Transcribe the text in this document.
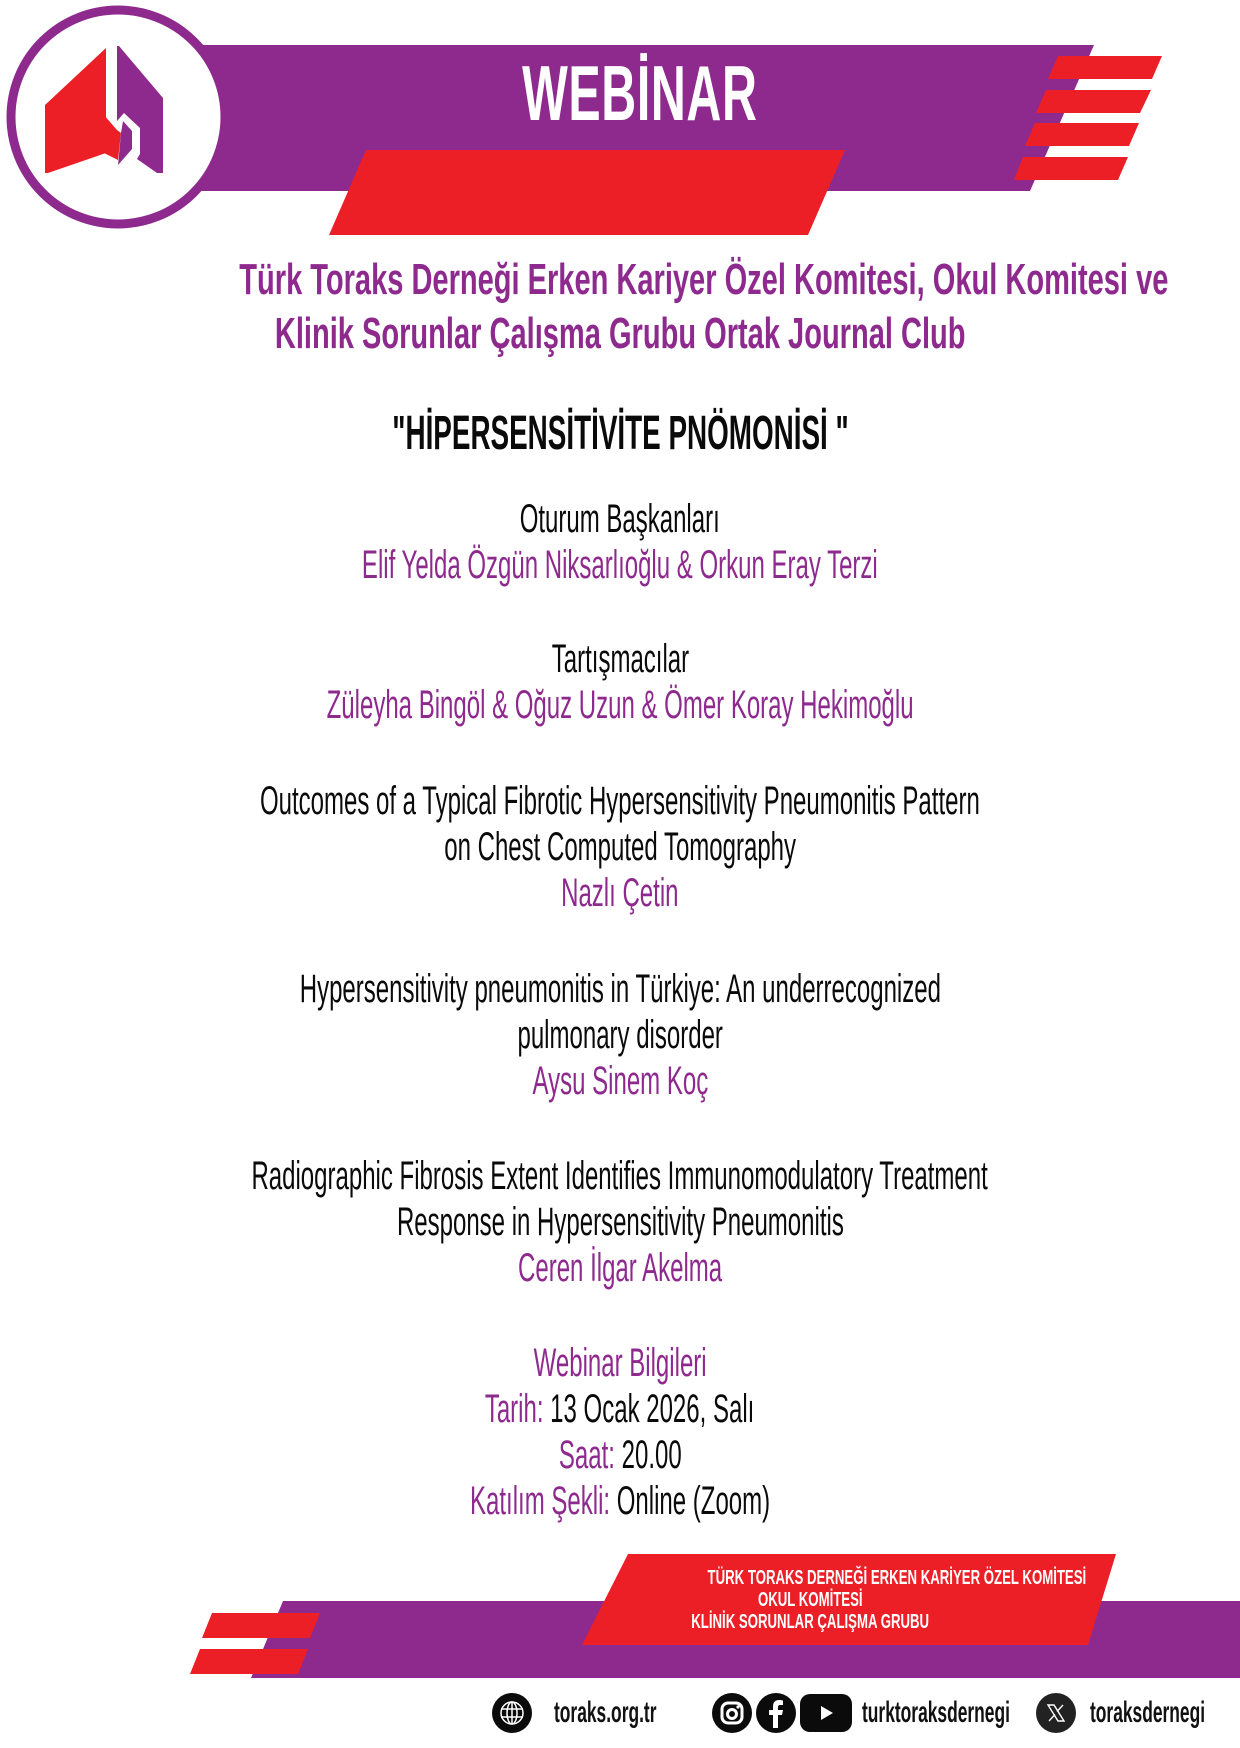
WEBİNAR
Türk Toraks Derneği Erken Kariyer Özel Komitesi, Okul Komitesi ve
Klinik Sorunlar Çalışma Grubu Ortak Journal Club
"HİPERSENSİTİVİTE PNÖMONİSİ "
Oturum Başkanları
Elif Yelda Özgün Niksarlıoğlu & Orkun Eray Terzi
Tartışmacılar
Züleyha Bingöl & Oğuz Uzun & Ömer Koray Hekimoğlu
Outcomes of a Typical Fibrotic Hypersensitivity Pneumonitis Pattern
on Chest Computed Tomography
Nazlı Çetin
Hypersensitivity pneumonitis in Türkiye: An underrecognized
pulmonary disorder
Aysu Sinem Koç
Radiographic Fibrosis Extent Identifies Immunomodulatory Treatment
Response in Hypersensitivity Pneumonitis
Ceren İlgar Akelma
Webinar Bilgileri
Tarih: 13 Ocak 2026, Salı
Saat: 20.00
Katılım Şekli: Online (Zoom)
TÜRK TORAKS DERNEĞİ ERKEN KARİYER ÖZEL KOMİTESİ
OKUL KOMİTESİ
KLİNİK SORUNLAR ÇALIŞMA GRUBU
toraks.org.tr	turktoraksdernegi	toraksdernegi
